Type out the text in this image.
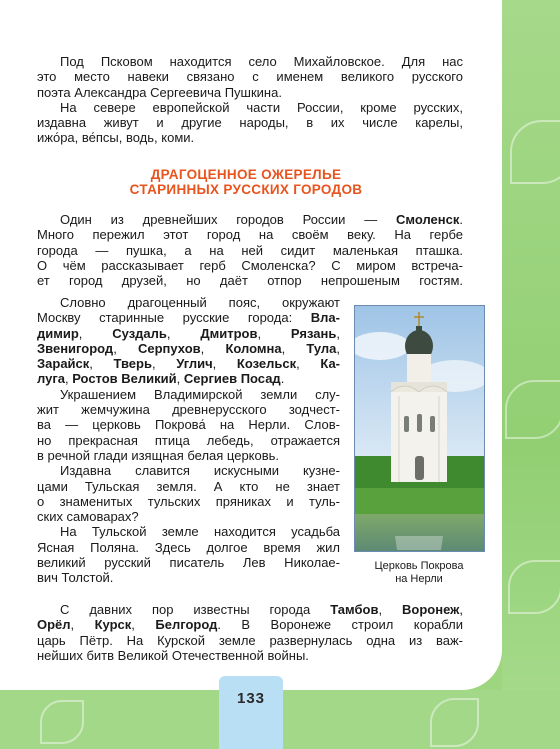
Под Псковом находится село Михайловское. Для нас
это место навеки связано с именем великого русского

поэта Александра Сергеевича Пушкина.

На севере европейской части России, кроме русских,
издавна живут и другие народы, в их числе карелы,

ижо́ра, ве́псы, водь, коми.

ДРАГОЦЕННОЕ ОЖЕРЕЛЬЕ
СТАРИННЫХ РУССКИХ ГОРОДОВ

Один из древнейших городов России — Смоленск.
Много пережил этот город на своём веку. На гербе
города — пушка, а на ней сидит маленькая пташка.
О чём рассказывает герб Смоленска? С миром встреча-
ет город друзей, но даёт отпор непрошеным гостям.

Словно драгоценный пояс, окружают
Москву старинные русские города: Вла-
димир, Суздаль, Дмитров, Рязань,
Звенигород, Серпухов, Коломна, Тула,
Зарайск, Тверь, Углич, Козельск, Ка-

луга, Ростов Великий, Сергиев Посад.

Украшением Владимирской земли слу-
жит жемчужина древнерусского зодчест-
ва — церковь Покрова́ на Нерли. Слов-
но прекрасная птица лебедь, отражается

в речной глади изящная белая церковь.

Издавна славится искусными кузне-
цами Тульская земля. А кто не знает
о знаменитых тульских пряниках и туль-

ских самоварах?

На Тульской земле находится усадьба
Ясная Поляна. Здесь долгое время жил
великий русский писатель Лев Николае-

вич Толстой.

С давних пор известны города Тамбов, Воронеж,
Орёл, Курск, Белгород. В Воронеже строил корабли
царь Пётр. На Курской земле развернулась одна из важ-

нейших битв Великой Отечественной войны.

Церковь Покрова
на Нерли
133
